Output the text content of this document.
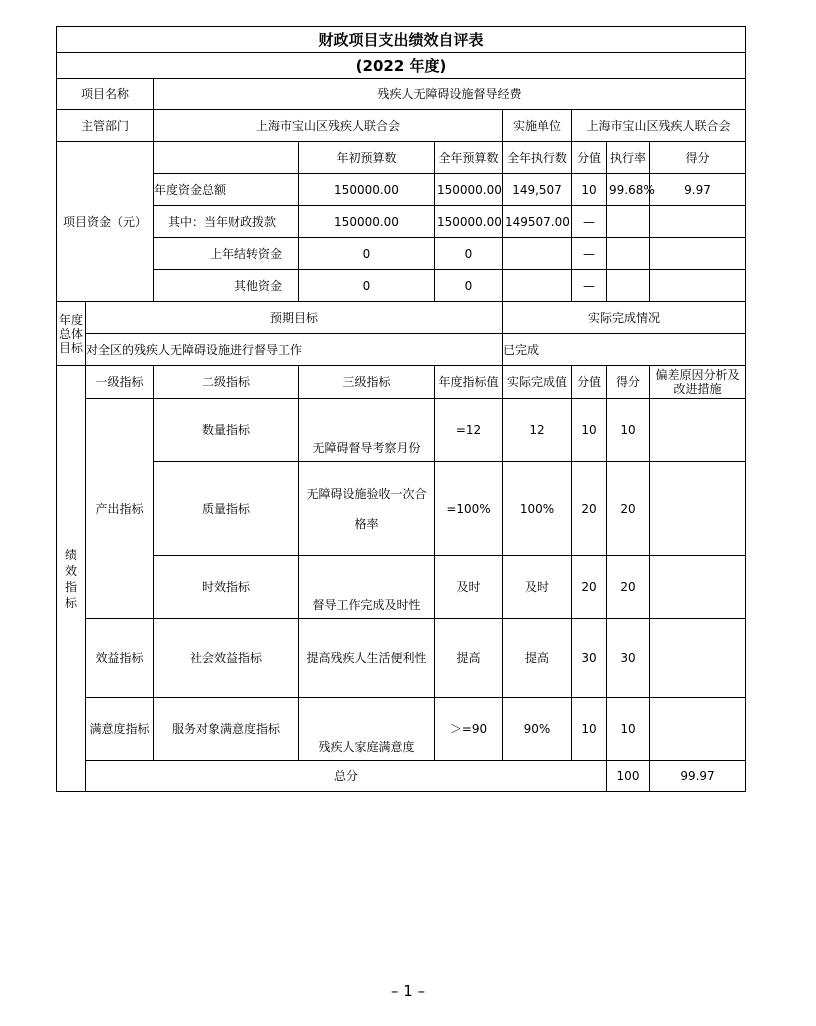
财政项目支出绩效自评表									
(2022 年度)									
项目名称		残疾人无障碍设施督导经费							
主管部门		上海市宝山区残疾人联合会			实施单位	上海市宝山区残疾人联合会			
项目资金（元）			年初预算数	全年预算数	全年执行数	分值	执行率	得分	
		年度资金总额	150000.00	150000.00	149,507	10	99.68%	9.97	
		其中：当年财政拨款	150000.00	150000.00	149507.00	—			
		上年结转资金	0	0		—			
		其他资金	0	0		—			
年度总体目标	预期目标				实际完成情况				
	对全区的残疾人无障碍设施进行督导工作				已完成				
绩效指标	一级指标	二级指标	三级指标	年度指标值	实际完成值	分值	得分	偏差原因分析及改进措施	
	产出指标	数量指标	无障碍督导考察月份	=12	12	10	10		
		质量指标	无障碍设施验收一次合格率	=100%	100%	20	20		
		时效指标	督导工作完成及时性	及时	及时	20	20		
	效益指标	社会效益指标	提高残疾人生活便利性	提高	提高	30	30		
	满意度指标	服务对象满意度指标	残疾人家庭满意度	＞=90	90%	10	10		
	总分						100	99.97	
– 1 –
